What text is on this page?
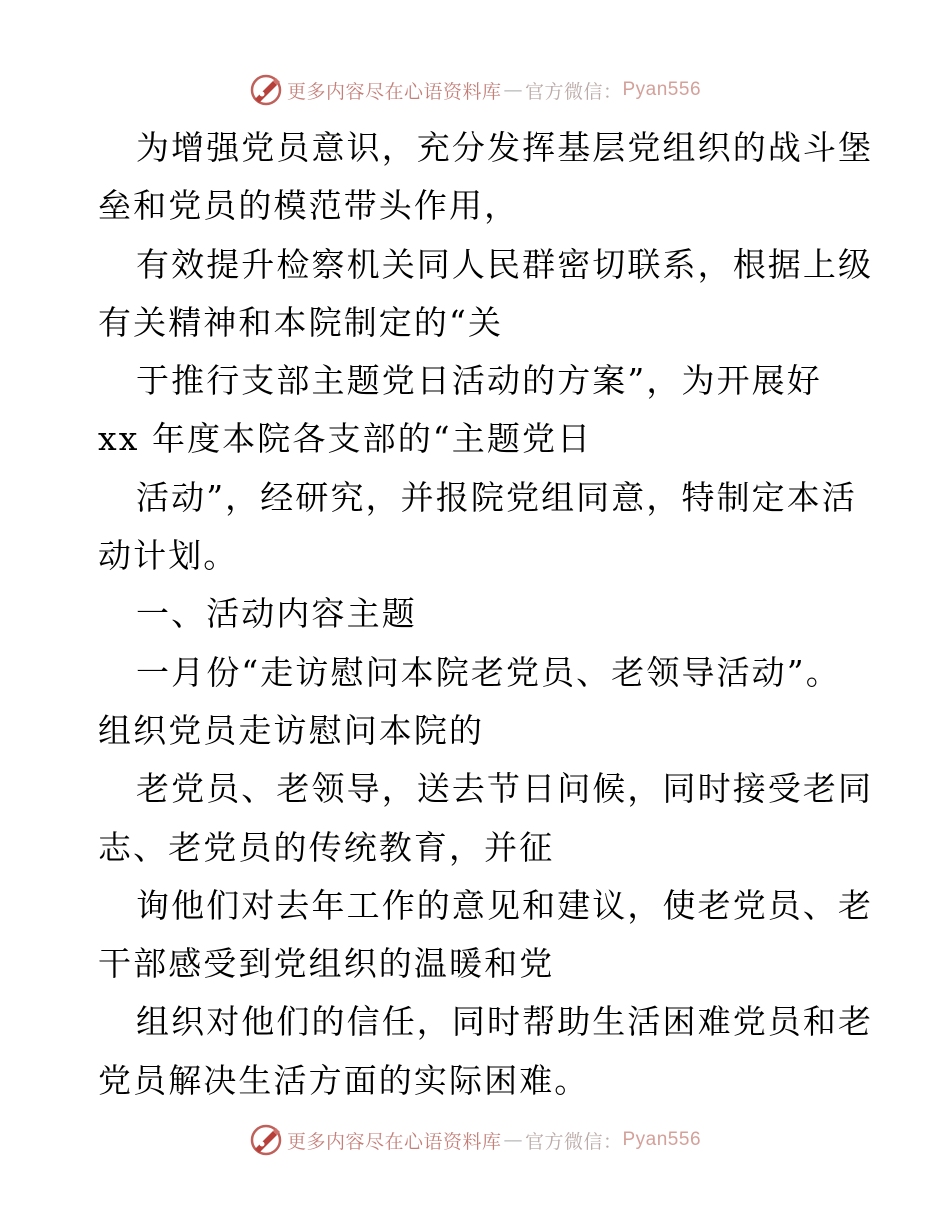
更多内容尽在心语资料库 — 官方微信： Pyan556
为增强党员意识，充分发挥基层党组织的战斗堡
垒和党员的模范带头作用，
有效提升检察机关同人民群密切联系，根据上级
有关精神和本院制定的“关
于推行支部主题党日活动的方案”，为开展好
xx 年度本院各支部的“主题党日
活动”，经研究，并报院党组同意，特制定本活
动计划。
一、活动内容主题
一月份“走访慰问本院老党员、老领导活动”。
组织党员走访慰问本院的
老党员、老领导，送去节日问候，同时接受老同
志、老党员的传统教育，并征
询他们对去年工作的意见和建议，使老党员、老
干部感受到党组织的温暖和党
组织对他们的信任，同时帮助生活困难党员和老
党员解决生活方面的实际困难。
更多内容尽在心语资料库 — 官方微信： Pyan556
